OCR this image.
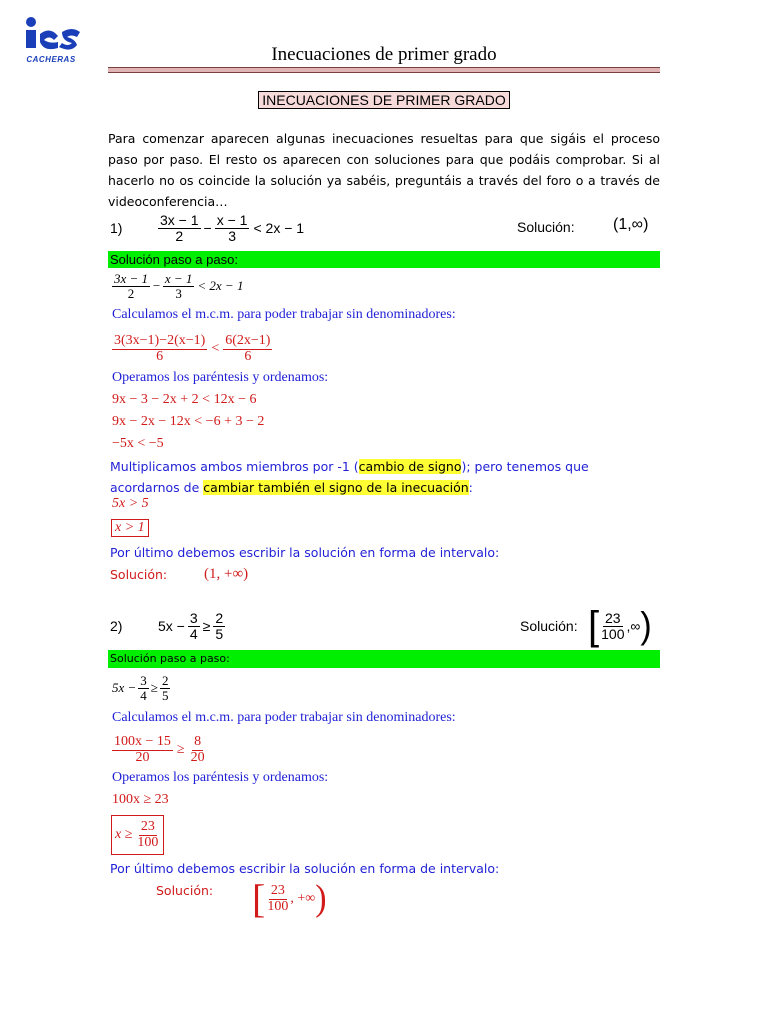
CACHERAS	Inecuaciones de primer grado
INECUACIONES DE PRIMER GRADO
Para comenzar aparecen algunas inecuaciones resueltas para que sigáis el proceso paso por paso. El resto os aparecen con soluciones para que podáis comprobar. Si al hacerlo no os coincide la solución ya sabéis, preguntáis a través del foro o a través de videoconferencia…
1)	$\frac{3x - 1}{2} - \frac{x - 1}{3} < 2x - 1$	Solución: (1,∞)
Solución paso a paso:
$\frac{3x - 1}{2} - \frac{x - 1}{3} < 2x - 1$
Calculamos el m.c.m. para poder trabajar sin denominadores:
$\frac{3(3x-1)-2(x-1)}{6} < \frac{6(2x-1)}{6}$
Operamos los paréntesis y ordenamos:
9x − 3 − 2x + 2 < 12x − 6
9x − 2x − 12x < −6 + 3 − 2
−5x < −5
Multiplicamos ambos miembros por -1 (cambio de signo); pero tenemos que
acordarnos de cambiar también el signo de la inecuación:
5x > 5
x > 1
Por último debemos escribir la solución en forma de intervalo:
Solución: (1, +∞)
2)	$5x - \frac{3}{4} \ge \frac{2}{5}$	Solución: [ $\frac{23}{100}$ ,∞ )
Solución paso a paso:
$5x - \frac{3}{4} \ge \frac{2}{5}$
Calculamos el m.c.m. para poder trabajar sin denominadores:
$\frac{100x - 15}{20} \ge \frac{8}{20}$
Operamos los paréntesis y ordenamos:
100x ≥ 23
$x \ge \frac{23}{100}$
Por último debemos escribir la solución en forma de intervalo:
Solución: [ $\frac{23}{100}$ , +∞ )
